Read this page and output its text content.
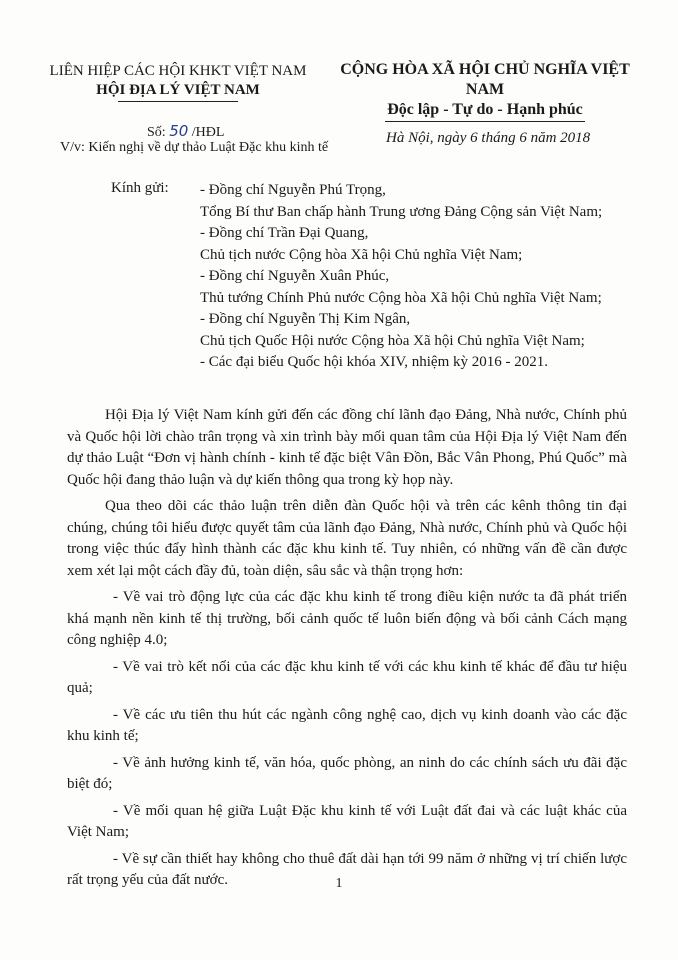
LIÊN HIỆP CÁC HỘI KHKT VIỆT NAM
HỘI ĐỊA LÝ VIỆT NAM
CỘNG HÒA XÃ HỘI CHỦ NGHĨA VIỆT NAM
Độc lập - Tự do - Hạnh phúc
Số: 50 /HĐL
V/v: Kiến nghị về dự thảo Luật Đặc khu kinh tế
Hà Nội, ngày 6 tháng 6 năm 2018
Kính gửi: - Đồng chí Nguyễn Phú Trọng,
Tổng Bí thư Ban chấp hành Trung ương Đảng Cộng sản Việt Nam;
- Đồng chí Trần Đại Quang,
Chủ tịch nước Cộng hòa Xã hội Chủ nghĩa Việt Nam;
- Đồng chí Nguyễn Xuân Phúc,
Thủ tướng Chính Phủ nước Cộng hòa Xã hội Chủ nghĩa Việt Nam;
- Đồng chí Nguyễn Thị Kim Ngân,
Chủ tịch Quốc Hội nước Cộng hòa Xã hội Chủ nghĩa Việt Nam;
- Các đại biểu Quốc hội khóa XIV, nhiệm kỳ 2016 - 2021.

Hội Địa lý Việt Nam kính gửi đến các đồng chí lãnh đạo Đảng, Nhà nước, Chính phủ và Quốc hội lời chào trân trọng và xin trình bày mối quan tâm của Hội Địa lý Việt Nam đến dự thảo Luật “Đơn vị hành chính - kinh tế đặc biệt Vân Đồn, Bắc Vân Phong, Phú Quốc” mà Quốc hội đang thảo luận và dự kiến thông qua trong kỳ họp này.

Qua theo dõi các thảo luận trên diễn đàn Quốc hội và trên các kênh thông tin đại chúng, chúng tôi hiểu được quyết tâm của lãnh đạo Đảng, Nhà nước, Chính phủ và Quốc hội trong việc thúc đẩy hình thành các đặc khu kinh tế. Tuy nhiên, có những vấn đề cần được xem xét lại một cách đầy đủ, toàn diện, sâu sắc và thận trọng hơn:

- Về vai trò động lực của các đặc khu kinh tế trong điều kiện nước ta đã phát triển khá mạnh nền kinh tế thị trường, bối cảnh quốc tế luôn biến động và bối cảnh Cách mạng công nghiệp 4.0;

- Về vai trò kết nối của các đặc khu kinh tế với các khu kinh tế khác để đầu tư hiệu quả;

- Về các ưu tiên thu hút các ngành công nghệ cao, dịch vụ kinh doanh vào các đặc khu kinh tế;

- Về ảnh hưởng kinh tế, văn hóa, quốc phòng, an ninh do các chính sách ưu đãi đặc biệt đó;

- Về mối quan hệ giữa Luật Đặc khu kinh tế với Luật đất đai và các luật khác của Việt Nam;

- Về sự cần thiết hay không cho thuê đất dài hạn tới 99 năm ở những vị trí chiến lược rất trọng yếu của đất nước.	1
